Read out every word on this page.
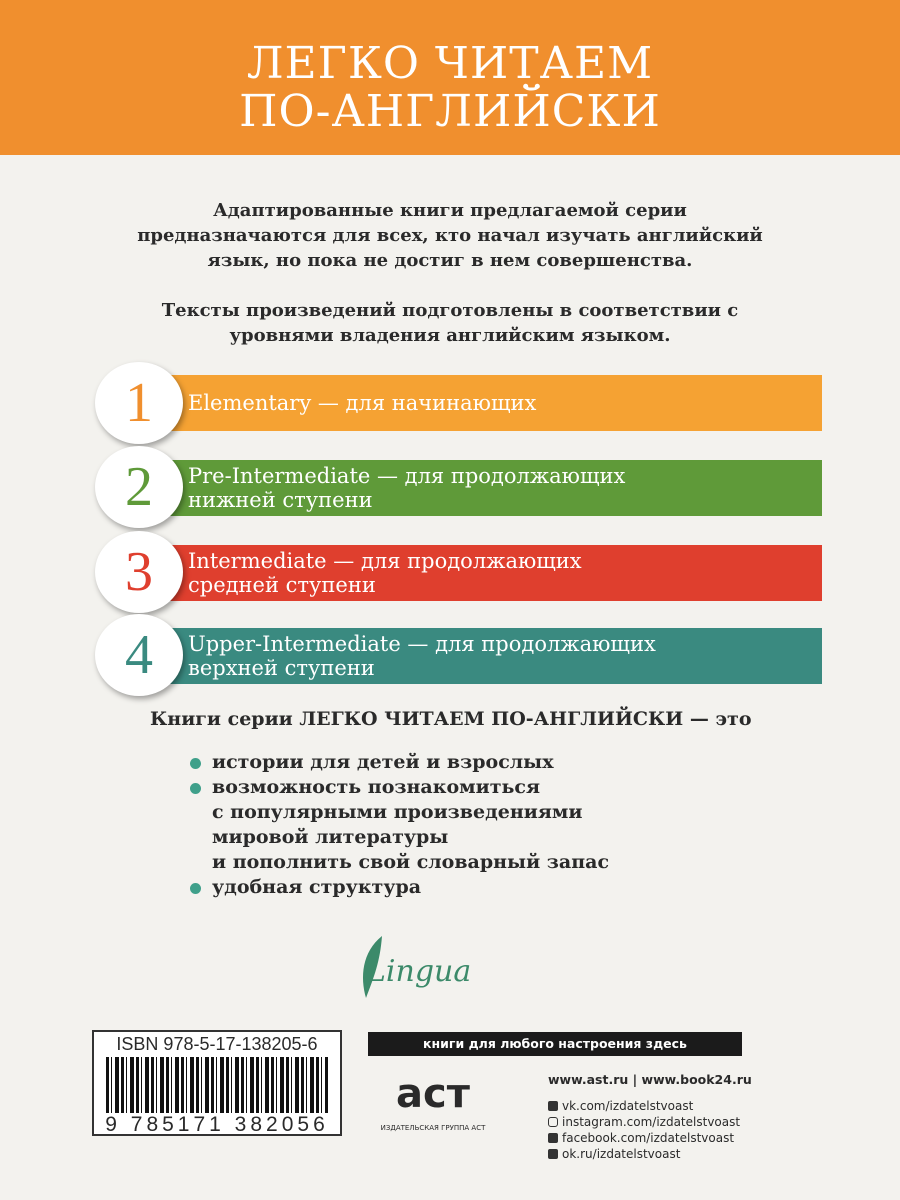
ЛЕГКО ЧИТАЕМ
ПО-АНГЛИЙСКИ

Адаптированные книги предлагаемой серии предназначаются для всех, кто начал изучать английский язык, но пока не достиг в нем совершенства.

Тексты произведений подготовлены в соответствии с уровнями владения английским языком.

Elementary — для начинающих
1
Pre-Intermediate — для продолжающих
нижней ступени
2
Intermediate — для продолжающих
средней ступени
3
Upper-Intermediate — для продолжающих
верхней ступени
4
Книги серии ЛЕГКО ЧИТАЕМ ПО-АНГЛИЙСКИ — это
истории для детей и взрослых
возможность познакомиться
с популярными произведениями
мировой литературы
и пополнить свой словарный запас
удобная структура
Lingua
ISBN 978-5-17-138205-6
9 785171 382056
книги для любого настроения здесь
аст
ИЗДАТЕЛЬСКАЯ ГРУППА АСТ
www.ast.ru | www.book24.ru
vk.com/izdatelstvoast
instagram.com/izdatelstvoast
facebook.com/izdatelstvoast
ok.ru/izdatelstvoast
